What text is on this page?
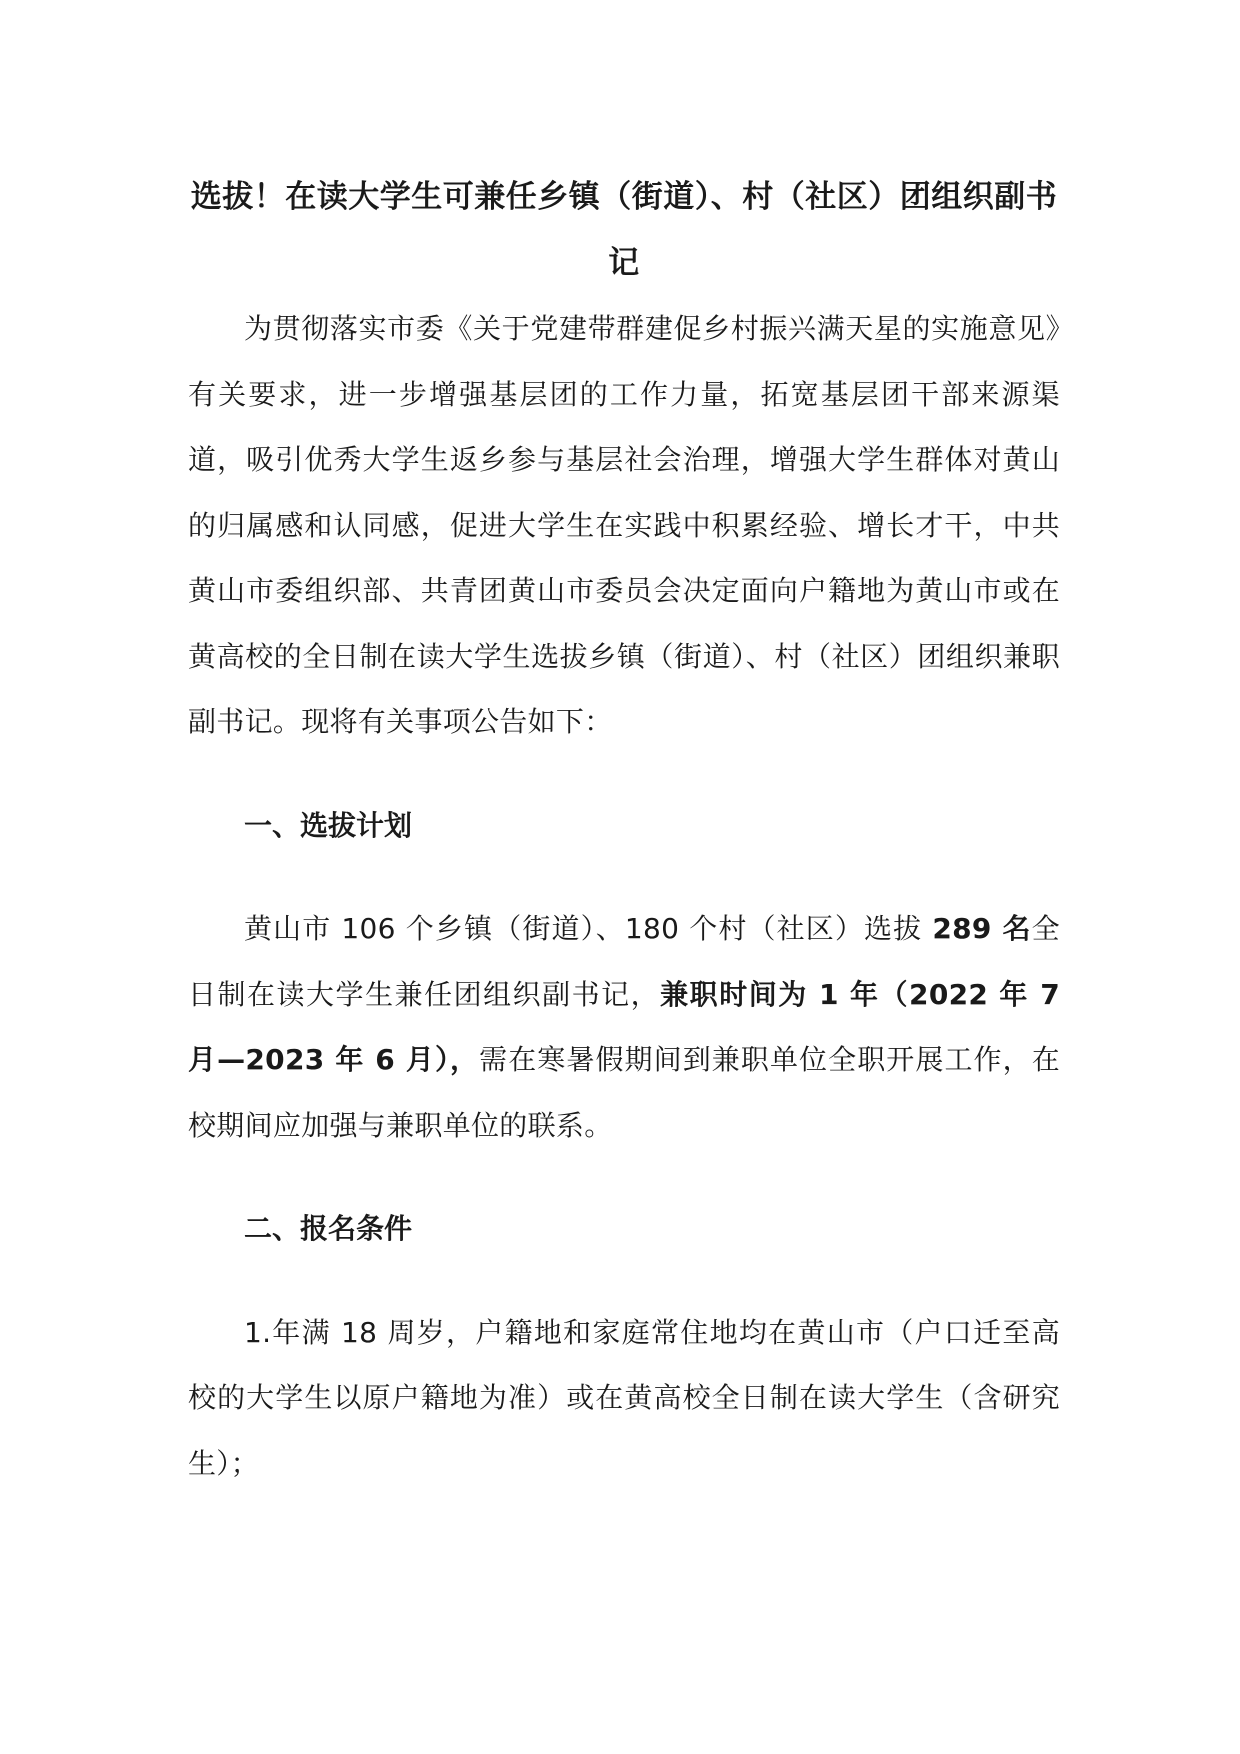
选拔！在读大学生可兼任乡镇（街道）、村（社区）团组织副书记

为贯彻落实市委《关于党建带群建促乡村振兴满天星的实施意见》有关要求，进一步增强基层团的工作力量，拓宽基层团干部来源渠道，吸引优秀大学生返乡参与基层社会治理，增强大学生群体对黄山的归属感和认同感，促进大学生在实践中积累经验、增长才干，中共黄山市委组织部、共青团黄山市委员会决定面向户籍地为黄山市或在黄高校的全日制在读大学生选拔乡镇（街道）、村（社区）团组织兼职副书记。现将有关事项公告如下：

一、选拔计划

黄山市 106 个乡镇（街道）、180 个村（社区）选拔 289 名全日制在读大学生兼任团组织副书记，兼职时间为 1 年（2022 年 7 月—2023 年 6 月），需在寒暑假期间到兼职单位全职开展工作，在校期间应加强与兼职单位的联系。

二、报名条件

1.年满 18 周岁，户籍地和家庭常住地均在黄山市（户口迁至高校的大学生以原户籍地为准）或在黄高校全日制在读大学生（含研究生）；
